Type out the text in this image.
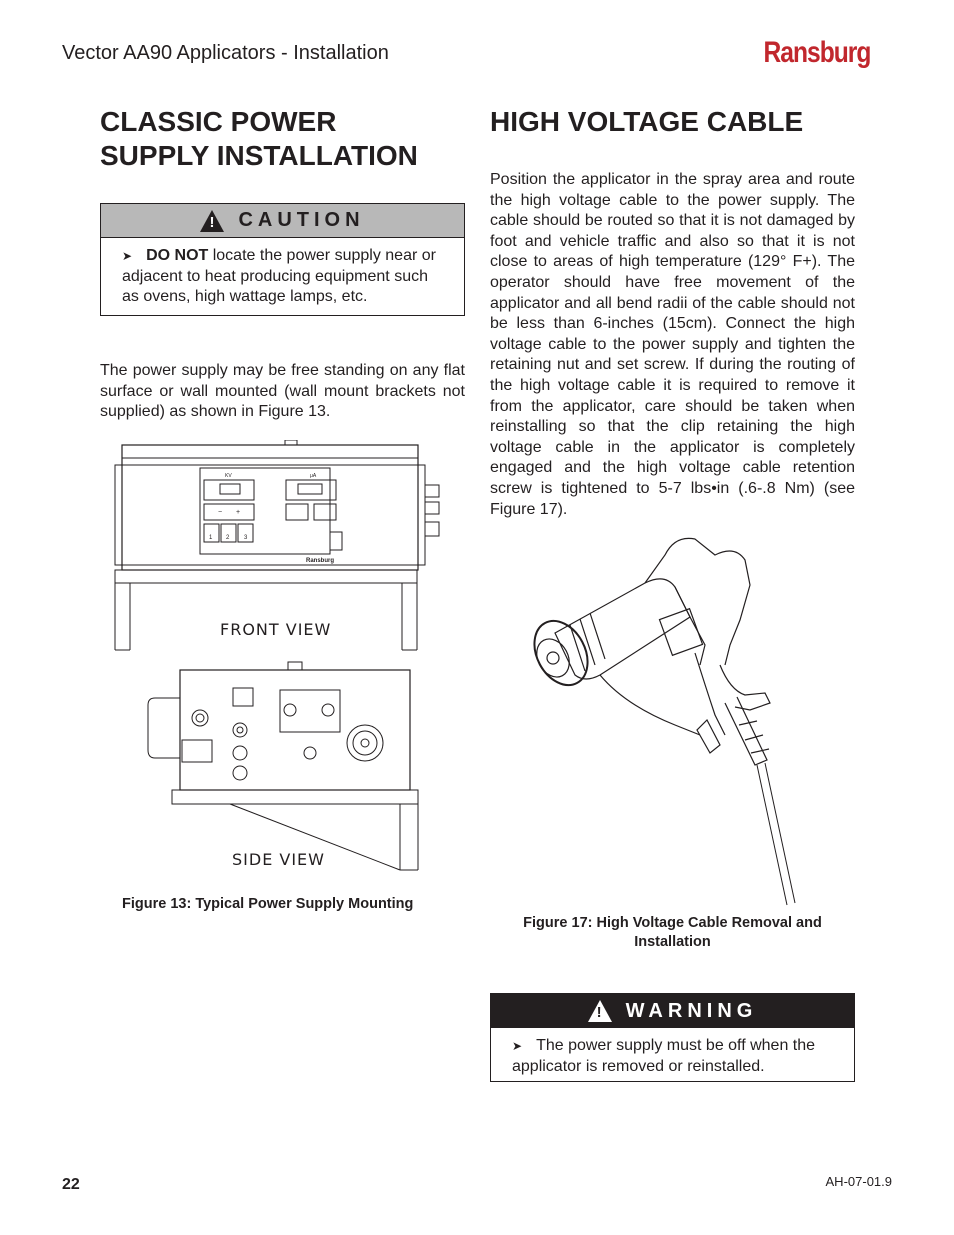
Vector AA90 Applicators - Installation	Ransburg
CLASSIC POWER SUPPLY INSTALLATION
HIGH VOLTAGE CABLE
! CAUTION
➤ DO NOT locate the power supply near or adjacent to heat producing equipment such as ovens, high wattage lamps, etc.

The power supply may be free standing on any flat surface or wall mounted (wall mount brackets not supplied) as shown in Figure 13.

KV	μA
− +
1 2 3
Ransburg
FRONT VIEW
SIDE VIEW
Figure 13: Typical Power Supply Mounting

Position the applicator in the spray area and route the high voltage cable to the power supply. The cable should be routed so that it is not damaged by foot and vehicle traffic and also so that it is not close to areas of high temperature (129° F+). The operator should have free movement of the applicator and all bend radii of the cable should not be less than 6-inches (15cm). Connect the high voltage cable to the power supply and tighten the retaining nut and set screw. If during the routing of the high voltage cable it is required to remove it from the applicator, care should be taken when reinstalling so that the clip retaining the high voltage cable in the applicator is completely engaged and the high voltage cable retention screw is tightened to 5-7 lbs•in (.6-.8 Nm) (see Figure 17).

Figure 17: High Voltage Cable Removal and Installation
! WARNING
➤ The power supply must be off when the applicator is removed or reinstalled.
22	AH-07-01.9
